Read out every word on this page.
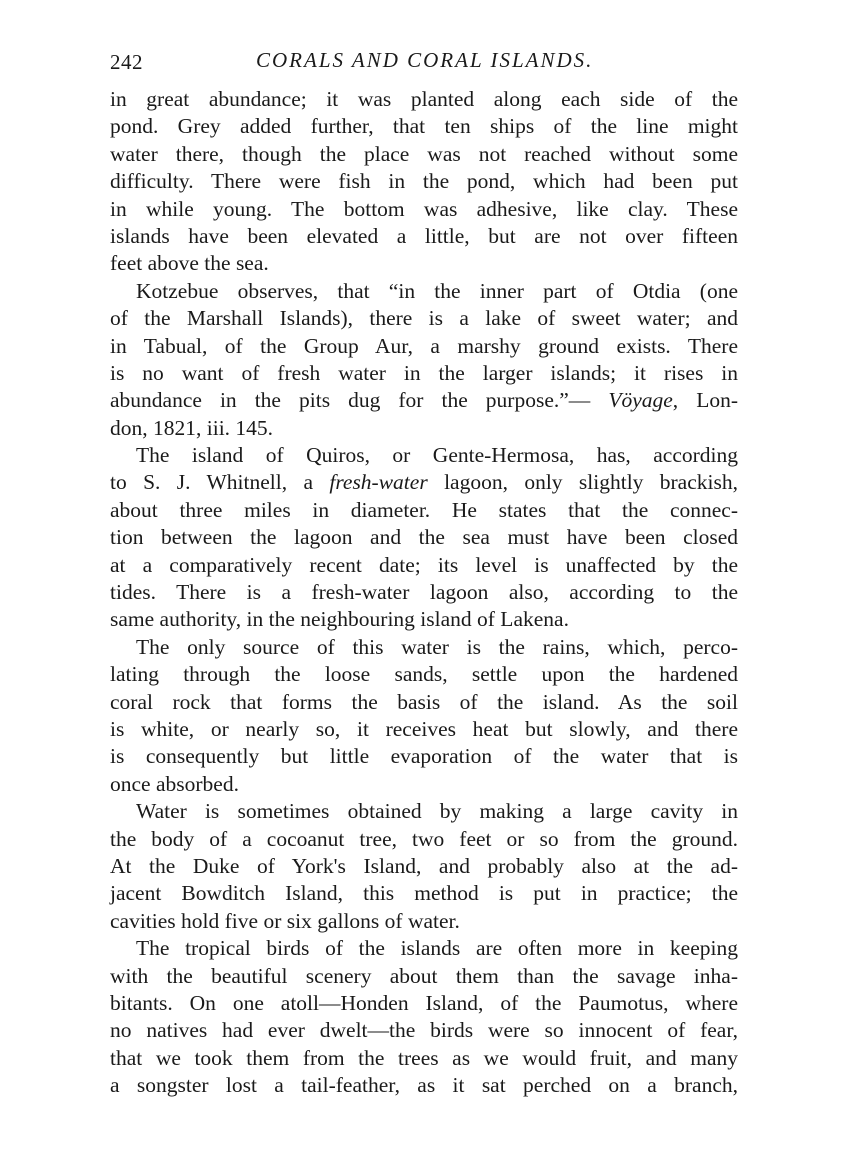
242	CORALS AND CORAL ISLANDS.

in great abundance; it was planted along each side of the
pond. Grey added further, that ten ships of the line might
water there, though the place was not reached without some
difficulty. There were fish in the pond, which had been put
in while young. The bottom was adhesive, like clay. These
islands have been elevated a little, but are not over fifteen
feet above the sea.

Kotzebue observes, that “in the inner part of Otdia (one
of the Marshall Islands), there is a lake of sweet water; and
in Tabual, of the Group Aur, a marshy ground exists. There
is no want of fresh water in the larger islands; it rises in
abundance in the pits dug for the purpose.”— Vöyage, Lon-
don, 1821, iii. 145.

The island of Quiros, or Gente-Hermosa, has, according
to S. J. Whitnell, a fresh-water lagoon, only slightly brackish,
about three miles in diameter. He states that the connec-
tion between the lagoon and the sea must have been closed
at a comparatively recent date; its level is unaffected by the
tides. There is a fresh-water lagoon also, according to the
same authority, in the neighbouring island of Lakena.

The only source of this water is the rains, which, perco-
lating through the loose sands, settle upon the hardened
coral rock that forms the basis of the island. As the soil
is white, or nearly so, it receives heat but slowly, and there
is consequently but little evaporation of the water that is
once absorbed.

Water is sometimes obtained by making a large cavity in
the body of a cocoanut tree, two feet or so from the ground.
At the Duke of York's Island, and probably also at the ad-
jacent Bowditch Island, this method is put in practice; the
cavities hold five or six gallons of water.

The tropical birds of the islands are often more in keeping
with the beautiful scenery about them than the savage inha-
bitants. On one atoll—Honden Island, of the Paumotus, where
no natives had ever dwelt—the birds were so innocent of fear,
that we took them from the trees as we would fruit, and many
a songster lost a tail-feather, as it sat perched on a branch,
